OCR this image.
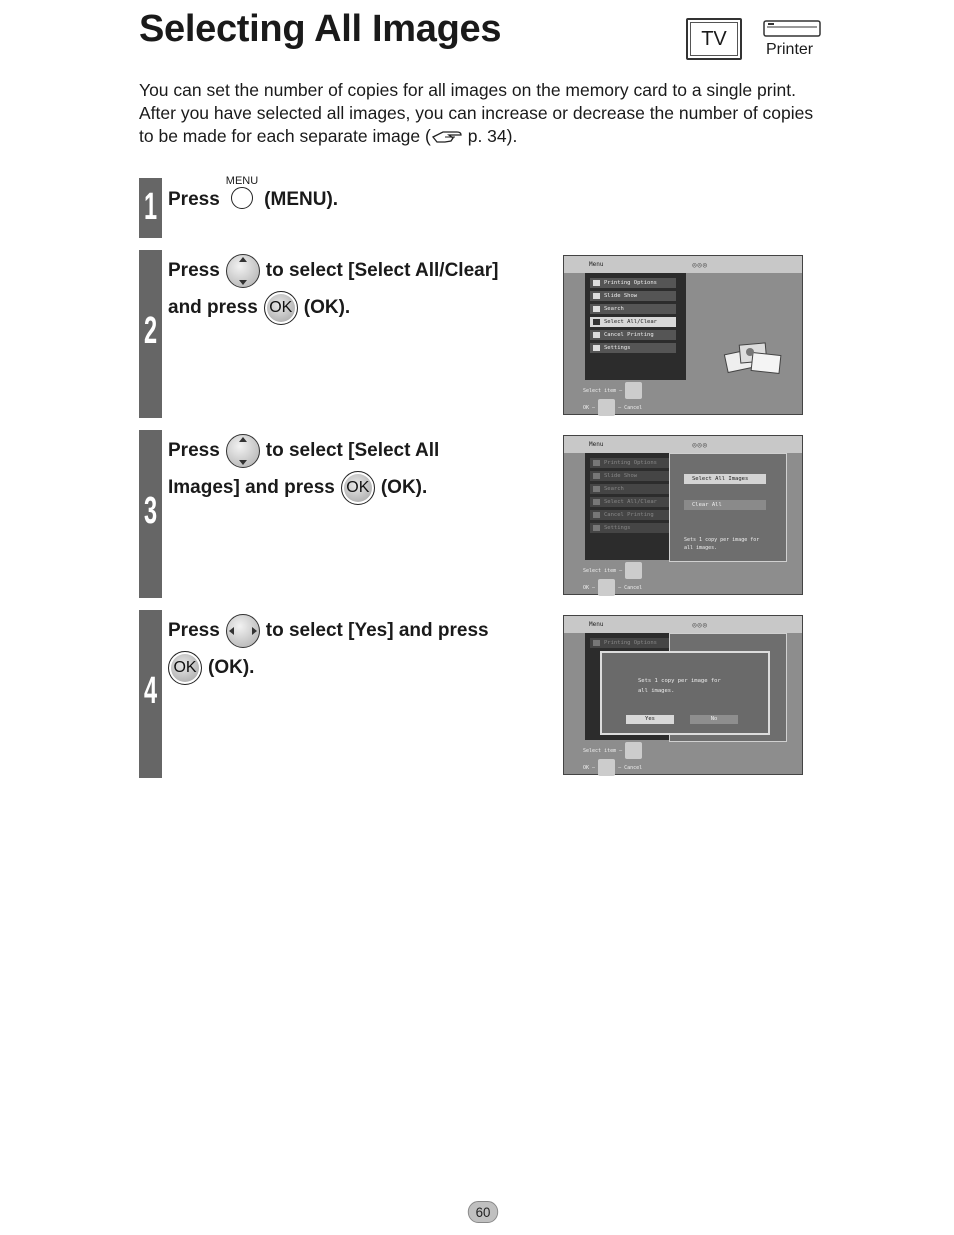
Selecting All Images	TV	Printer

You can set the number of copies for all images on the memory card to a single print.

After you have selected all images, you can increase or decrease the number of copies to be made for each separate image ( p. 34).

1 Press
MENU
(MENU).
2
Press to select [Select All/Clear]
and press OK (OK).
Menu	◎◎◎
Printing Options
Slide Show
Search
Select All/Clear
Cancel Printing
Settings
Select item —
OK —	— Cancel
3
Press to select [Select All
Images] and press OK (OK).
Menu	◎◎◎
Printing Options
Slide Show
Search
Select All/Clear
Cancel Printing
Settings
Select All Images
Clear All
Sets 1 copy per image for
all images.
Select item —
OK —	— Cancel
4
Press to select [Yes] and press
OK (OK).
Menu	◎◎◎
Printing Options
Sets 1 copy per image for
all images.
Yes	No
Select item —
OK —	— Cancel
60
